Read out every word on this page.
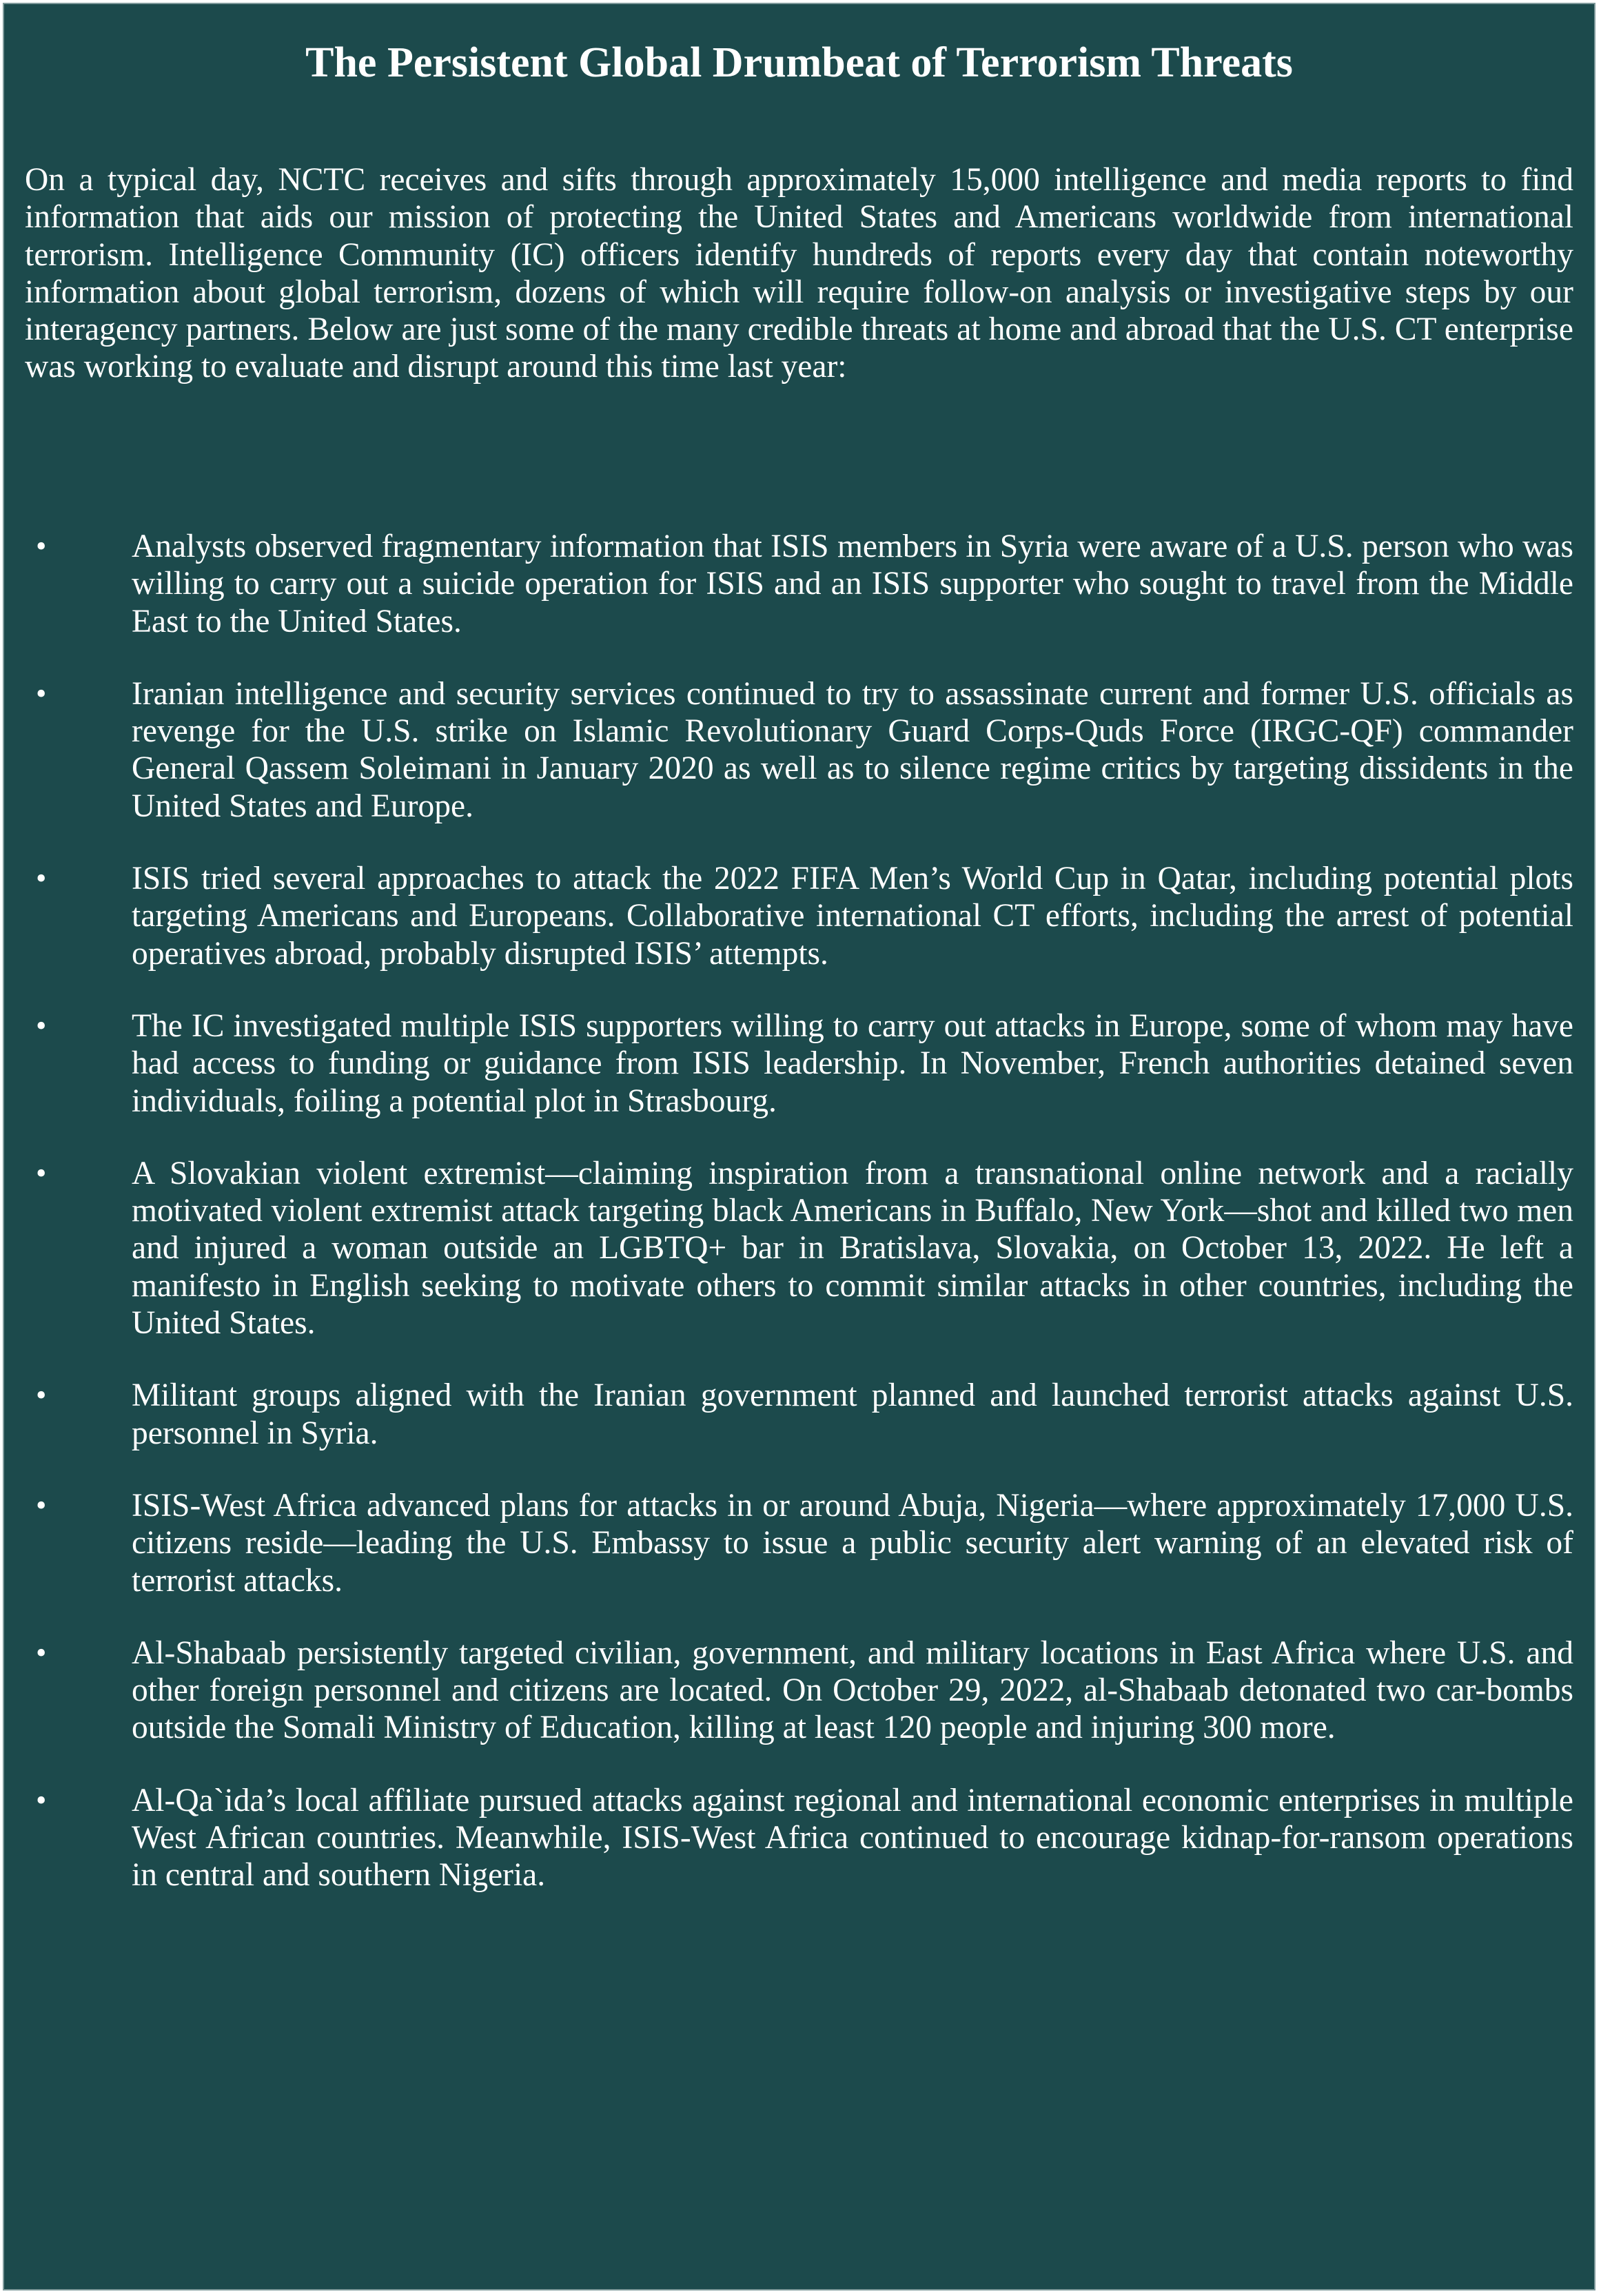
The Persistent Global Drumbeat of Terrorism Threats

On a typical day, NCTC receives and sifts through approximately 15,000 intelligence and media reports to find information that aids our mission of protecting the United States and Americans worldwide from international terrorism. Intelligence Community (IC) officers identify hundreds of reports every day that contain noteworthy information about global terrorism, dozens of which will require follow-on analysis or investigative steps by our interagency partners. Below are just some of the many credible threats at home and abroad that the U.S. CT enterprise was working to evaluate and disrupt around this time last year:

•	Analysts observed fragmentary information that ISIS members in Syria were aware of a U.S. person who was willing to carry out a suicide operation for ISIS and an ISIS supporter who sought to travel from the Middle East to the United States.
•	Iranian intelligence and security services continued to try to assassinate current and former U.S. officials as revenge for the U.S. strike on Islamic Revolutionary Guard Corps-Quds Force (IRGC-QF) commander General Qassem Soleimani in January 2020 as well as to silence regime critics by targeting dissidents in the United States and Europe.
•	ISIS tried several approaches to attack the 2022 FIFA Men’s World Cup in Qatar, including potential plots targeting Americans and Europeans. Collaborative international CT efforts, including the arrest of potential operatives abroad, probably disrupted ISIS’ attempts.
•	The IC investigated multiple ISIS supporters willing to carry out attacks in Europe, some of whom may have had access to funding or guidance from ISIS leadership. In November, French authorities detained seven individuals, foiling a potential plot in Strasbourg.
•	A Slovakian violent extremist—claiming inspiration from a transnational online network and a racially motivated violent extremist attack targeting black Americans in Buffalo, New York—shot and killed two men and injured a woman outside an LGBTQ+ bar in Bratislava, Slovakia, on October 13, 2022. He left a manifesto in English seeking to motivate others to commit similar attacks in other countries, including the United States.
•	Militant groups aligned with the Iranian government planned and launched terrorist attacks against U.S. personnel in Syria.
•	ISIS-West Africa advanced plans for attacks in or around Abuja, Nigeria—where approximately 17,000 U.S. citizens reside—leading the U.S. Embassy to issue a public security alert warning of an elevated risk of terrorist attacks.
•	Al-Shabaab persistently targeted civilian, government, and military locations in East Africa where U.S. and other foreign personnel and citizens are located. On October 29, 2022, al-Shabaab detonated two car-bombs outside the Somali Ministry of Education, killing at least 120 people and injuring 300 more.
•	Al-Qa`ida’s local affiliate pursued attacks against regional and international economic enterprises in multiple West African countries. Meanwhile, ISIS-West Africa continued to encourage kidnap-for-ransom operations in central and southern Nigeria.
